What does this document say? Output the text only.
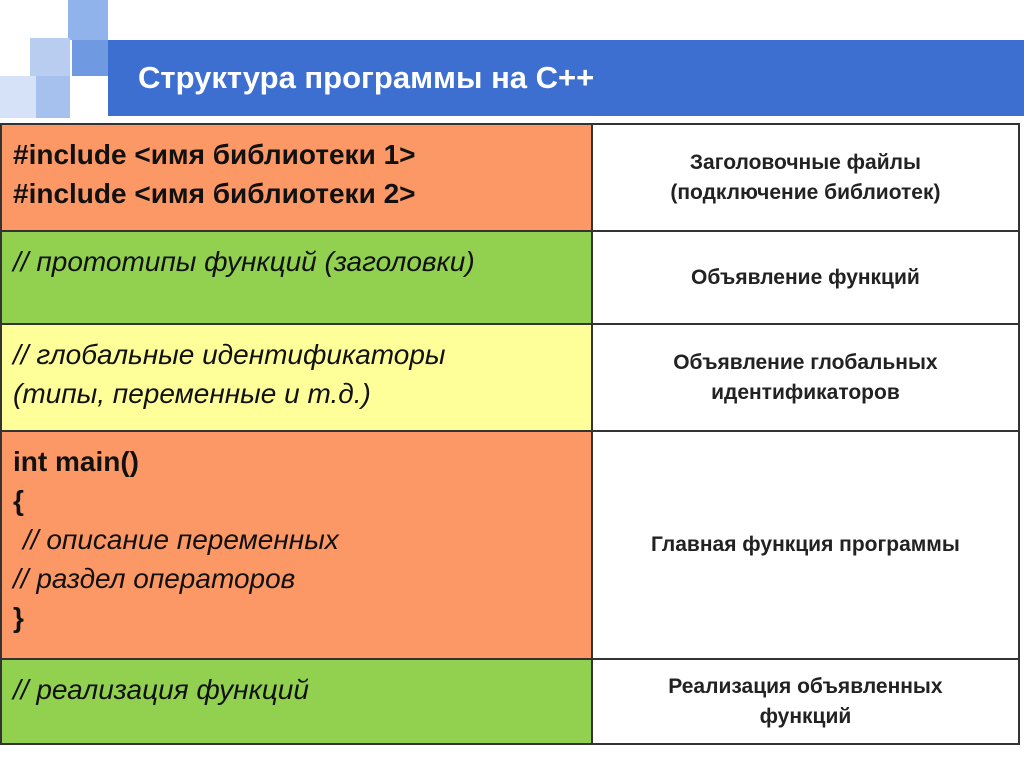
Структура программы на С++
#include <имя библиотеки 1>
#include <имя библиотеки 2>	Заголовочные файлы
(подключение библиотек)

// прототипы функций (заголовки)	Объявление функций

// глобальные идентификаторы
(типы, переменные и т.д.)	Объявление глобальных
идентификаторов

int main()
{
// описание переменных
// раздел операторов
}	Главная функция программы

// реализация функций	Реализация объявленных
функций
